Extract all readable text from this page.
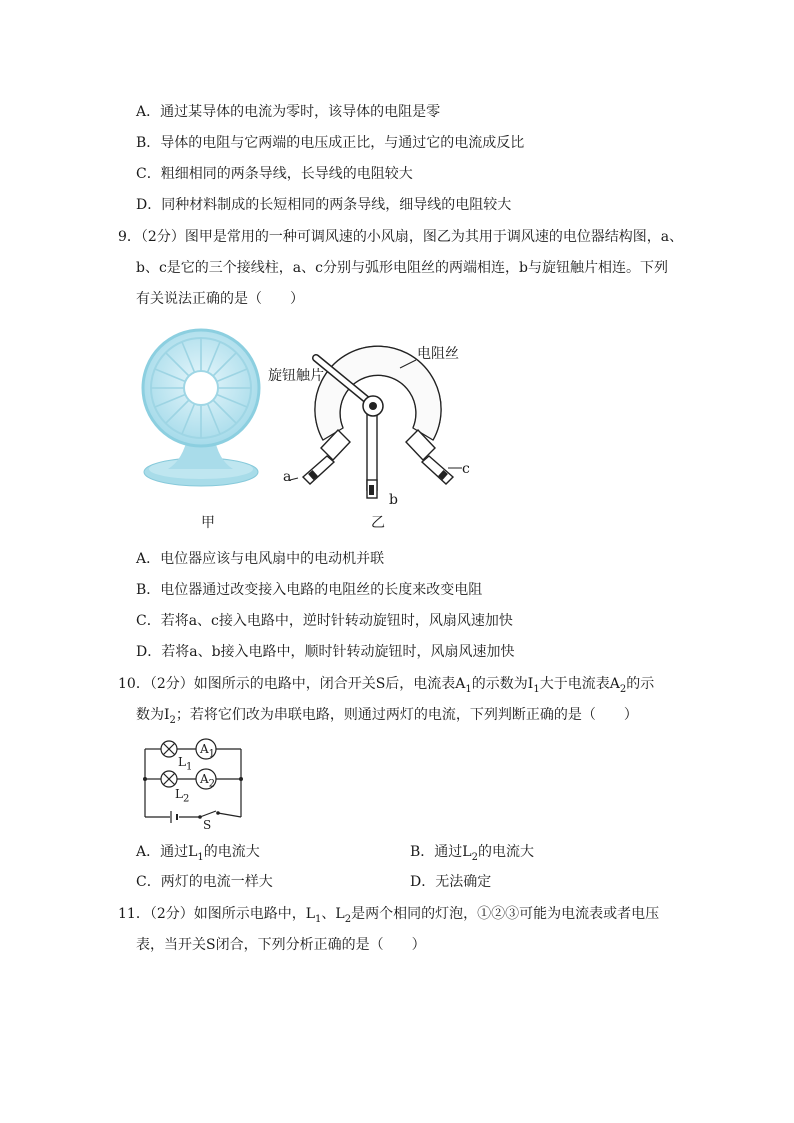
A．通过某导体的电流为零时，该导体的电阻是零
B．导体的电阻与它两端的电压成正比，与通过它的电流成反比
C．粗细相同的两条导线，长导线的电阻较大
D．同种材料制成的长短相同的两条导线，细导线的电阻较大
9．（2分）图甲是常用的一种可调风速的小风扇，图乙为其用于调风速的电位器结构图，a、
b、c是它的三个接线柱，a、c分别与弧形电阻丝的两端相连，b与旋钮触片相连。下列
有关说法正确的是（　　）
甲
电阻丝
旋钮触片
a
b
c
乙
A．电位器应该与电风扇中的电动机并联
B．电位器通过改变接入电路的电阻丝的长度来改变电阻
C．若将a、c接入电路中，逆时针转动旋钮时，风扇风速加快
D．若将a、b接入电路中，顺时针转动旋钮时，风扇风速加快
10．（2分）如图所示的电路中，闭合开关S后，电流表$A_1$的示数为$I_1$大于电流表$A_2$的示
数为$I_2$；若将它们改为串联电路，则通过两灯的电流，下列判断正确的是（　　）
$A_1$
$A_2$
$L_1$
$L_2$
S
A．通过$L_1$的电流大	B．通过$L_2$的电流大
C．两灯的电流一样大	D．无法确定
11．（2分）如图所示电路中，$L_1$、$L_2$是两个相同的灯泡，①②③可能为电流表或者电压
表，当开关S闭合，下列分析正确的是（　　）
